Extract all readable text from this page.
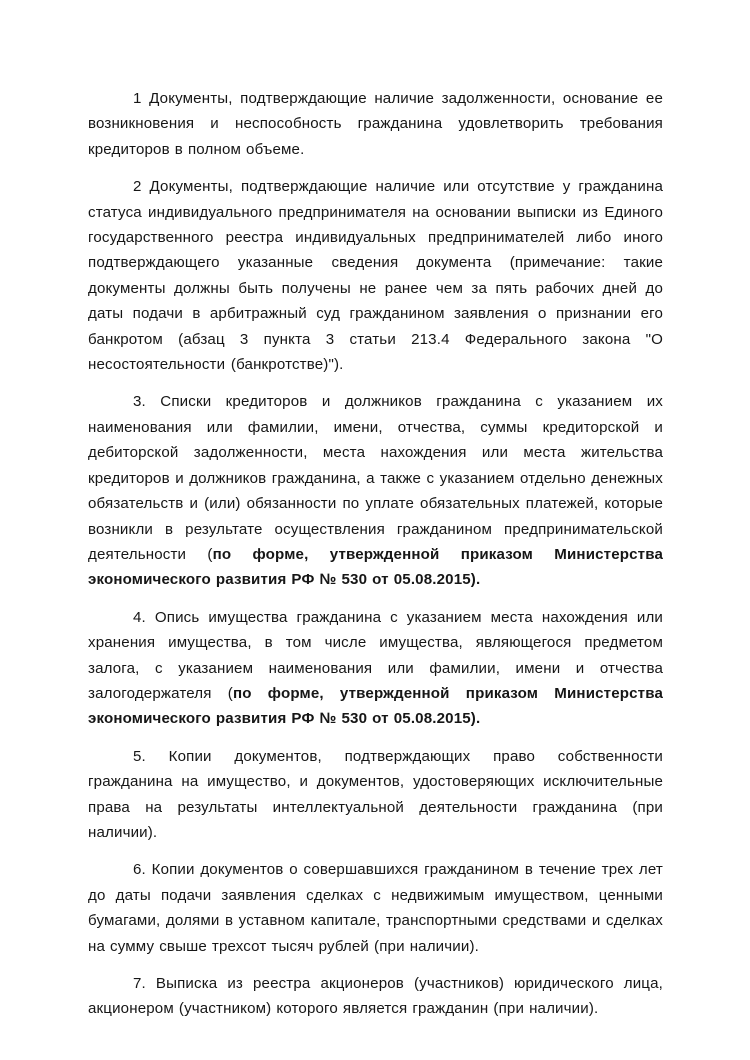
1 Документы, подтверждающие наличие задолженности, основание ее возникновения и неспособность гражданина удовлетворить требования кредиторов в полном объеме.

2 Документы, подтверждающие наличие или отсутствие у гражданина статуса индивидуального предпринимателя на основании выписки из Единого государственного реестра индивидуальных предпринимателей либо иного подтверждающего указанные сведения документа (примечание: такие документы должны быть получены не ранее чем за пять рабочих дней до даты подачи в арбитражный суд гражданином заявления о признании его банкротом (абзац 3 пункта 3 статьи 213.4 Федерального закона "О несостоятельности (банкротстве)").

3. Списки кредиторов и должников гражданина с указанием их наименования или фамилии, имени, отчества, суммы кредиторской и дебиторской задолженности, места нахождения или места жительства кредиторов и должников гражданина, а также с указанием отдельно денежных обязательств и (или) обязанности по уплате обязательных платежей, которые возникли в результате осуществления гражданином предпринимательской деятельности (по форме, утвержденной приказом Министерства экономического развития РФ № 530 от 05.08.2015).

4. Опись имущества гражданина с указанием места нахождения или хранения имущества, в том числе имущества, являющегося предметом залога, с указанием наименования или фамилии, имени и отчества залогодержателя (по форме, утвержденной приказом Министерства экономического развития РФ № 530 от 05.08.2015).

5. Копии документов, подтверждающих право собственности гражданина на имущество, и документов, удостоверяющих исключительные права на результаты интеллектуальной деятельности гражданина (при наличии).

6. Копии документов о совершавшихся гражданином в течение трех лет до даты подачи заявления сделках с недвижимым имуществом, ценными бумагами, долями в уставном капитале, транспортными средствами и сделках на сумму свыше трехсот тысяч рублей (при наличии).

7. Выписка из реестра акционеров (участников) юридического лица, акционером (участником) которого является гражданин (при наличии).
